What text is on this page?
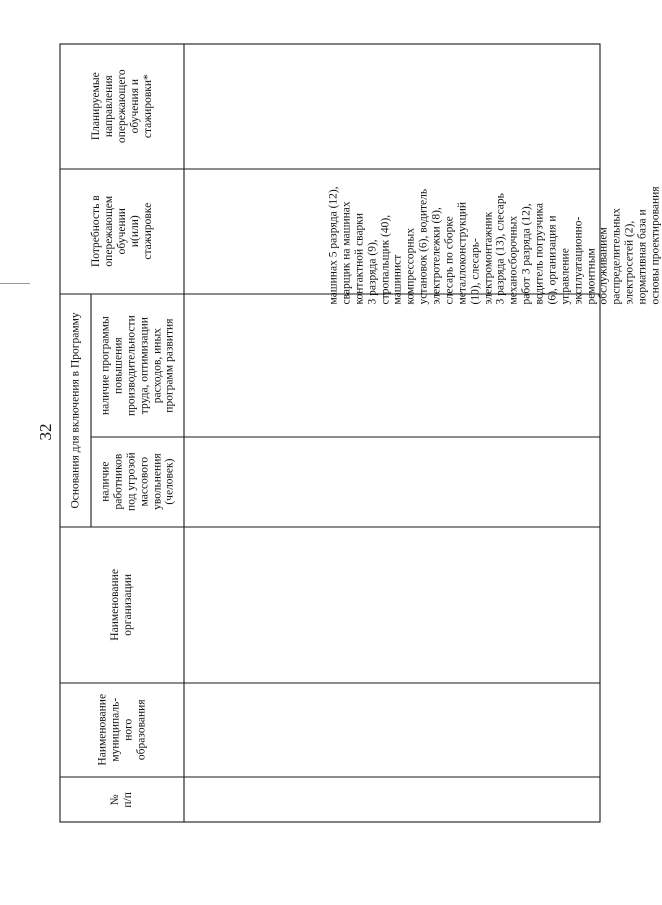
32
№ п/п
Наименование муниципаль- ного образования
Наименование организации
Основания для включения в Программу наличие работников под угрозой массового увольнения (человек)
наличие программы повышения производительности труда, оптимизации расходов, иных программ развития
Потребность в опережающем обучении и(или) стажировке
Планируемые направления опережающего обучения и стажировки*
машинах 5 разряда (12), сварщик на машинах контактной сварки 3 разряда (9), стропальщик (40), машинист компрессорных установок (6), водитель электротележки (8), слесарь по сборке металлоконструкций (10), слесарь- электромонтажник 3 разряда (13), слесарь механосборочных работ 3 разряда (12), водитель погрузчика (6), организация и управление эксплуатационно- ремонтным обслуживанием распределительных электросетей (2), нормативная база и основы проектирования
